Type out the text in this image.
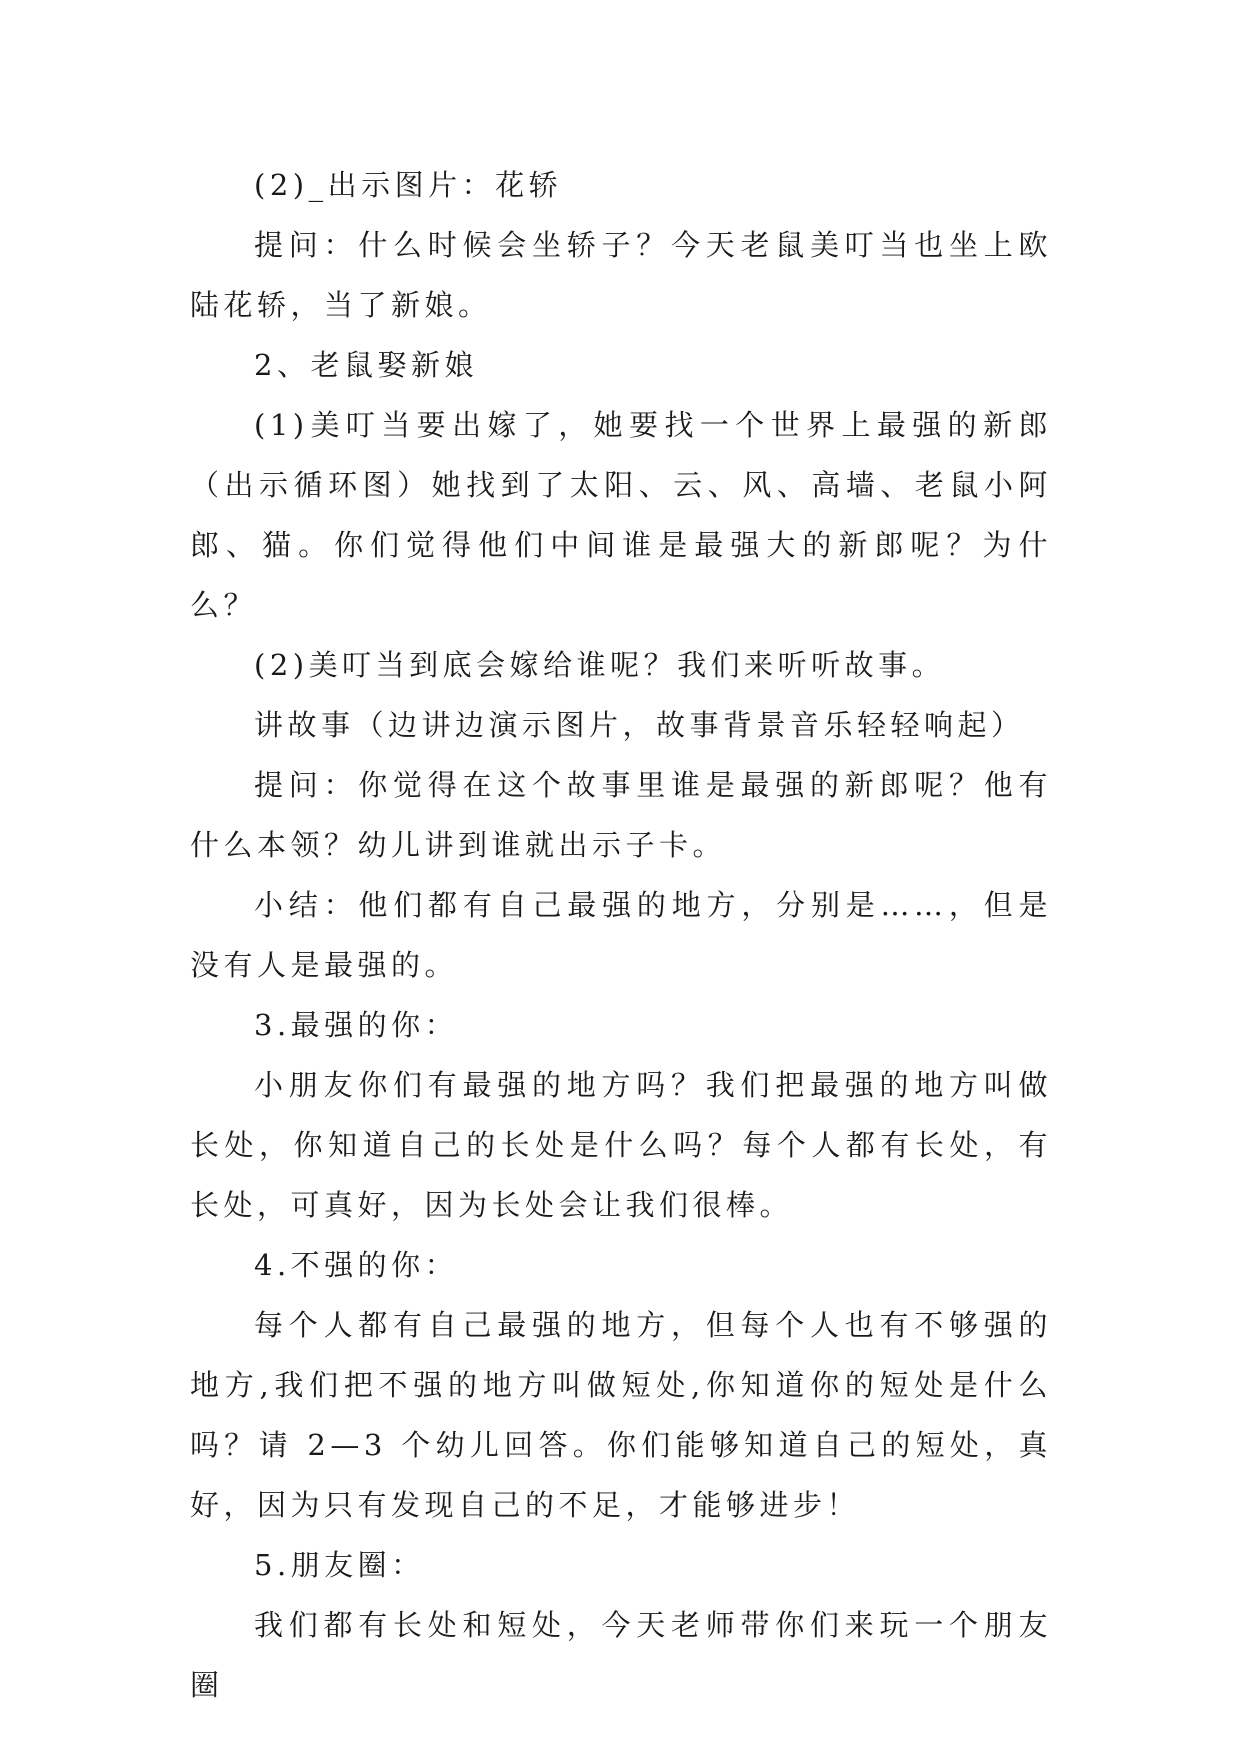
(2)_出示图片：花轿

提问：什么时候会坐轿子？今天老鼠美叮当也坐上欧陆花轿，当了新娘。

2、老鼠娶新娘

(1)美叮当要出嫁了，她要找一个世界上最强的新郎（出示循环图）她找到了太阳、云、风、高墙、老鼠小阿郎、猫。你们觉得他们中间谁是最强大的新郎呢？为什么？

(2)美叮当到底会嫁给谁呢？我们来听听故事。

讲故事（边讲边演示图片，故事背景音乐轻轻响起）

提问：你觉得在这个故事里谁是最强的新郎呢？他有什么本领？幼儿讲到谁就出示子卡。

小结：他们都有自己最强的地方，分别是……，但是没有人是最强的。

3.最强的你：

小朋友你们有最强的地方吗？我们把最强的地方叫做长处，你知道自己的长处是什么吗？每个人都有长处，有长处，可真好，因为长处会让我们很棒。

4.不强的你：

每个人都有自己最强的地方，但每个人也有不够强的地方,我们把不强的地方叫做短处,你知道你的短处是什么吗？请 2—3 个幼儿回答。你们能够知道自己的短处，真好，因为只有发现自己的不足，才能够进步！

5.朋友圈：

我们都有长处和短处，今天老师带你们来玩一个朋友圈
